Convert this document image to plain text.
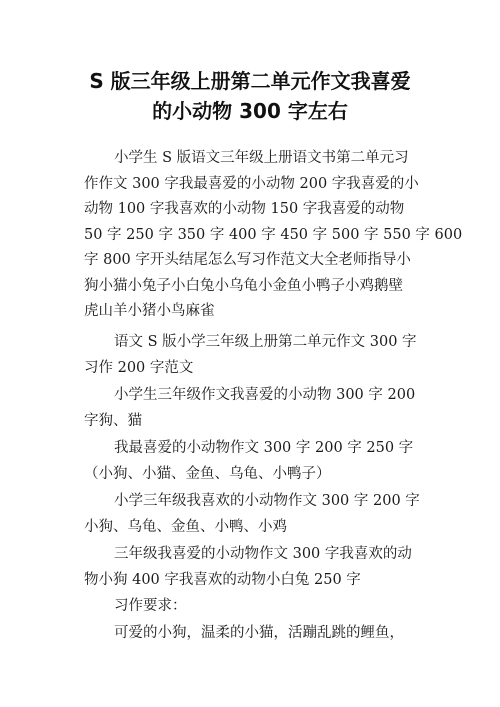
S 版三年级上册第二单元作文我喜爱
的小动物 300 字左右
小学生 S 版语文三年级上册语文书第二单元习
作作文 300 字我最喜爱的小动物 200 字我喜爱的小
动物 100 字我喜欢的小动物 150 字我喜爱的动物
50 字 250 字 350 字 400 字 450 字 500 字 550 字 600
字 800 字开头结尾怎么写习作范文大全老师指导小
狗小猫小兔子小白兔小乌龟小金鱼小鸭子小鸡鹅壁
虎山羊小猪小鸟麻雀
语文 S 版小学三年级上册第二单元作文 300 字
习作 200 字范文
小学生三年级作文我喜爱的小动物 300 字 200
字狗、猫
我最喜爱的小动物作文 300 字 200 字 250 字
（小狗、小猫、金鱼、乌龟、小鸭子）
小学三年级我喜欢的小动物作文 300 字 200 字
小狗、乌龟、金鱼、小鸭、小鸡
三年级我喜爱的小动物作文 300 字我喜欢的动
物小狗 400 字我喜欢的动物小白兔 250 字
习作要求：
可爱的小狗，温柔的小猫，活蹦乱跳的鲤鱼，
